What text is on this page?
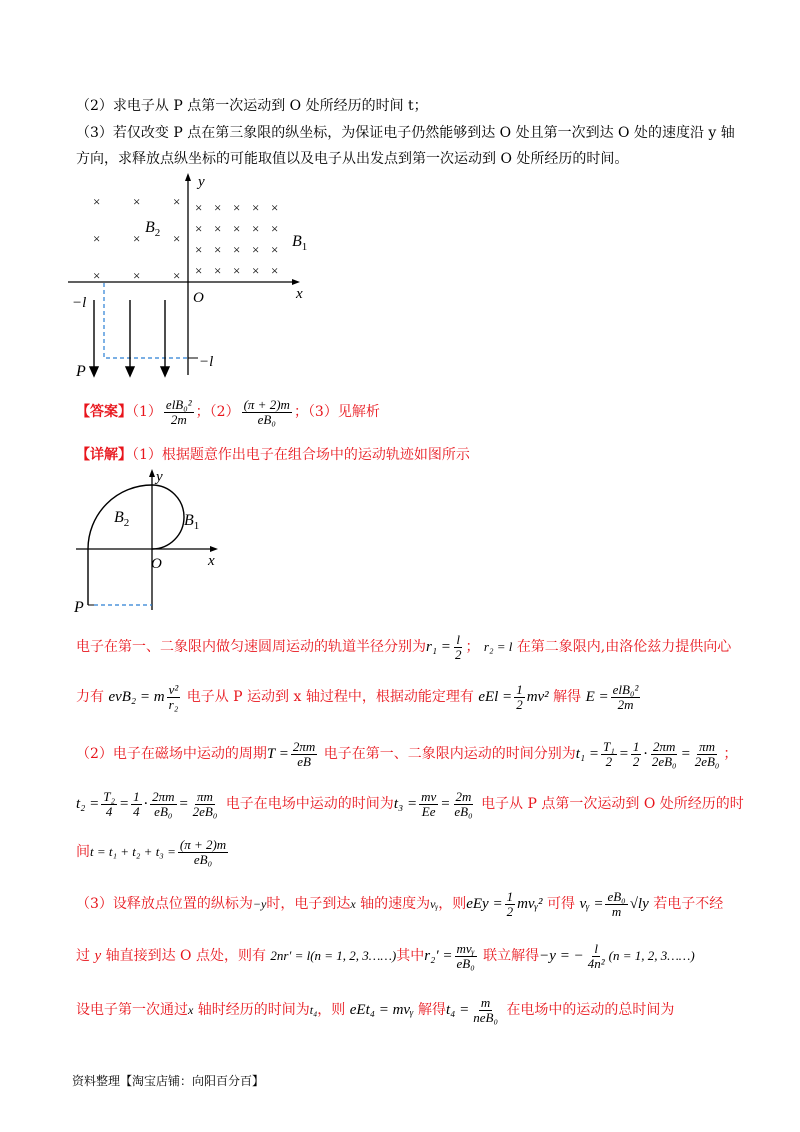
（2）求电子从 P 点第一次运动到 O 处所经历的时间 t；
（3）若仅改变 P 点在第三象限的纵坐标，为保证电子仍然能够到达 O 处且第一次到达 O 处的速度沿 y 轴
方向，求释放点纵坐标的可能取值以及电子从出发点到第一次运动到 O 处所经历的时间。
y
x
O
×	×	×
×	×	×
×	×	×
× × × × ×
× × × × ×
× × × × ×
× × × × ×
$B_2$	$B_1$
−l
−l
P
【答案】$(1) \frac{\text{elB₀²}}{2m}$ ；$(2) \frac{(\pi + 2)m}{\text{eB₀}}$ ；（3）见解析
【详解】（1）根据题意作出电子在组合场中的运动轨迹如图所示
y
x
O
$B_2$	$B_1$
P
电子在第一、二象限内做匀速圆周运动的轨道半径分别为$r_1 = \frac{l}{2}$ ； r₂ = l 在第二象限内,由洛伦兹力提供向心
力有 evB₂ = m $\frac{\text{v²}}{\text{r₂}}$ 电子从 P 运动到 x 轴过程中，根据动能定理有 eEl = $\frac{1}{2} mv^2$ 解得 $E = \frac{\text{elB₀²}}{2m}$
（2）电子在磁场中运动的周期$T = \frac{2\pi m}{eB}$ 电子在第一、二象限内运动的时间分别为$t_1 = \frac{\text{T₁}}{2} = \frac{1}{2} \cdot \frac{2\pi m}{\text{2eB₀}} = \frac{\pi m}{\text{2eB₀}}$ ；
$t_2 = \frac{\text{T₂}}{4} = \frac{1}{4} \cdot \frac{2\pi m}{\text{eB₀}} = \frac{\pi m}{\text{2eB₀}}$ 电子在电场中运动的时间为$t_3 = \frac{mv}{Ee} = \frac{2m}{\text{eB₀}}$ 电子从 P 点第一次运动到 O 处所经历的时
间$t = t_1 + t_2 + t_3 = \frac{(\pi + 2)m}{\text{eB₀}}$
（3）设释放点位置的纵标为−y时，电子到达x 轴的速度为vᵧ，则eEy = $\frac{1}{2}$ mvᵧ² 可得 vᵧ = $\frac{\text{eB₀}}{m} √ly$ 若电子不经
过 y 轴直接到达 O 点处，则有 2nr′ = l(n = 1, 2, 3……)其中$r_2' = \frac{\text{mvᵧ}}{\text{eB₀}}$ 联立解得−y = − $\frac{l}{\text{4n²}} (n = 1$, 2, 3……)
设电子第一次通过x 轴时经历的时间为t₄，则 eEt₄ = mvᵧ 解得$t_4 = \frac{m}{\text{neB₀}}$ 在电场中的运动的总时间为
资料整理【淘宝店铺：向阳百分百】
